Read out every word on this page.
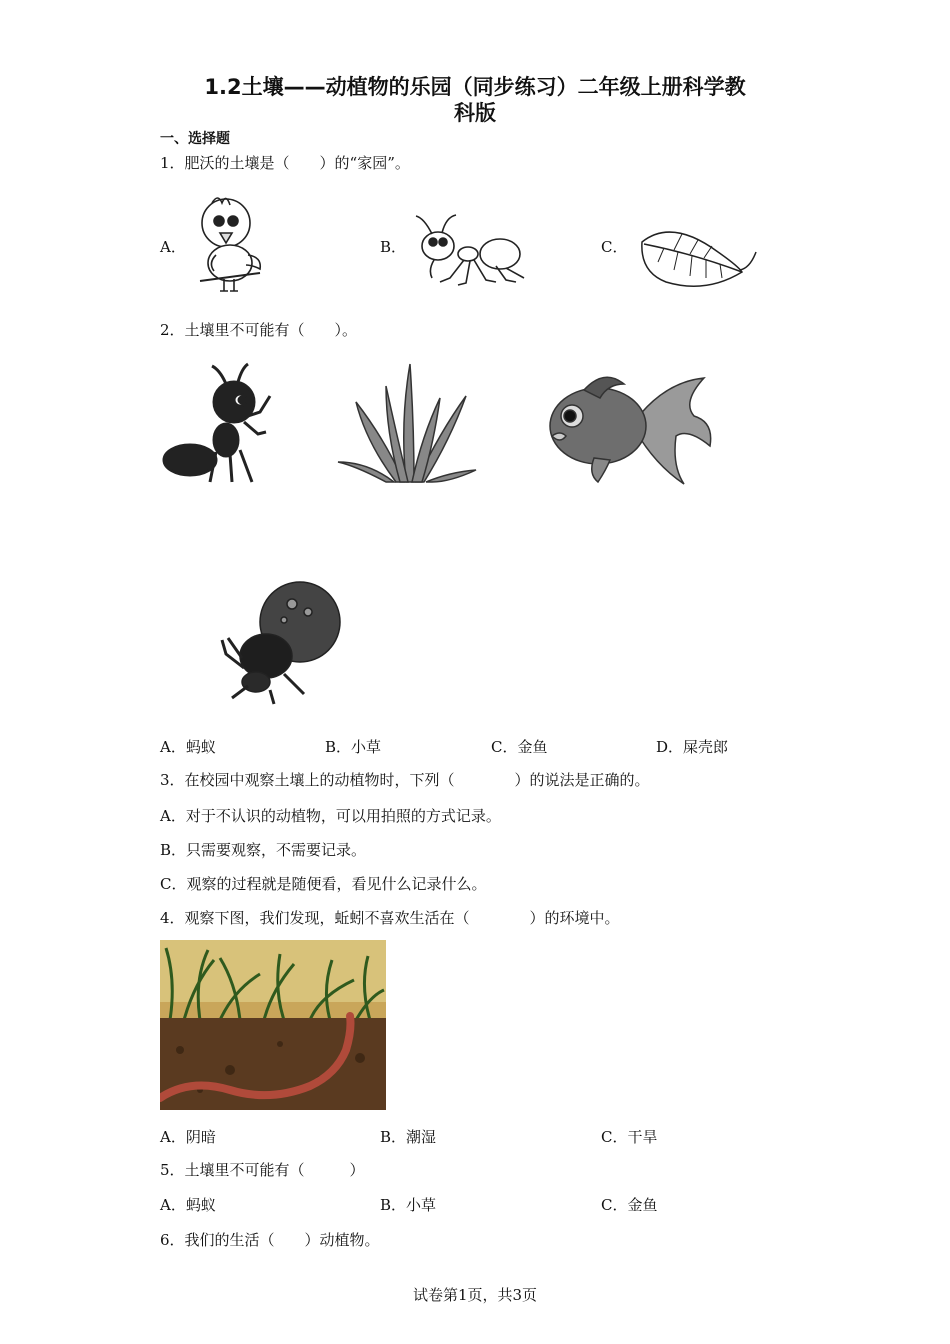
1.2土壤——动植物的乐园（同步练习）二年级上册科学教
科版
一、选择题
1．肥沃的土壤是（　　）的“家园”。
A．	B．	C．
2．土壤里不可能有（　　）。
A．蚂蚁	B．小草	C．金鱼	D．屎壳郎
3．在校园中观察土壤上的动植物时，下列（　　　　）的说法是正确的。
A．对于不认识的动植物，可以用拍照的方式记录。
B．只需要观察，不需要记录。
C．观察的过程就是随便看，看见什么记录什么。
4．观察下图，我们发现，蚯蚓不喜欢生活在（　　　　）的环境中。
A．阴暗	B．潮湿	C．干旱
5．土壤里不可能有（　　　）
A．蚂蚁	B．小草	C．金鱼
6．我们的生活（　　）动植物。
试卷第1页，共3页
